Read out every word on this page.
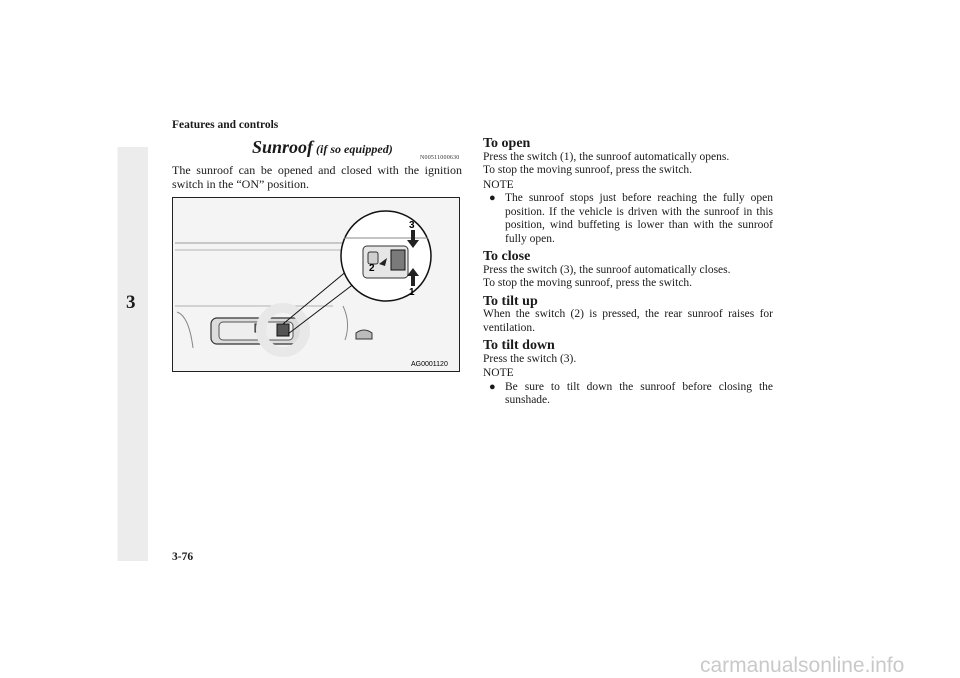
Features and controls
3
Sunroof (if so equipped)
N00511000630
The sunroof can be opened and closed with the ignition switch in the “ON” position.
3
2
1
AG0001120
To open
Press the switch (1), the sunroof automatically opens.
To stop the moving sunroof, press the switch.
NOTE
● The sunroof stops just before reaching the fully open position. If the vehicle is driven with the sunroof in this position, wind buffeting is lower than with the sunroof fully open.
To close
Press the switch (3), the sunroof automatically closes.
To stop the moving sunroof, press the switch.
To tilt up
When the switch (2) is pressed, the rear sunroof raises for ventilation.
To tilt down
Press the switch (3).
NOTE
● Be sure to tilt down the sunroof before closing the sunshade.
3-76
carmanualsonline.info
